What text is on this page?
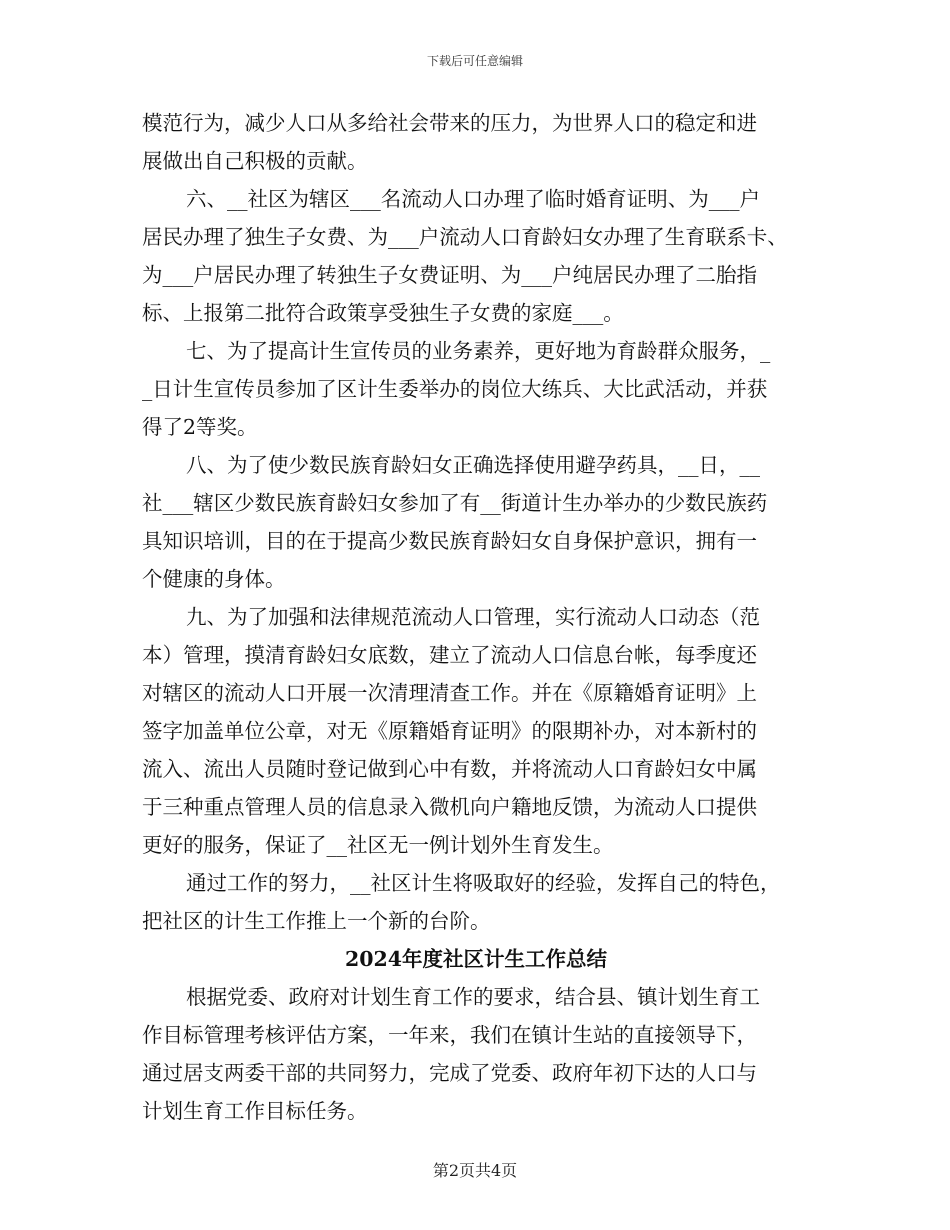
下载后可任意编辑
模范行为，减少人口从多给社会带来的压力，为世界人口的稳定和进
展做出自己积极的贡献。
六、__社区为辖区___名流动人口办理了临时婚育证明、为___户
居民办理了独生子女费、为___户流动人口育龄妇女办理了生育联系卡、
为___户居民办理了转独生子女费证明、为___户纯居民办理了二胎指
标、上报第二批符合政策享受独生子女费的家庭___。
七、为了提高计生宣传员的业务素养，更好地为育龄群众服务，_
_日计生宣传员参加了区计生委举办的岗位大练兵、大比武活动，并获
得了2等奖。
八、为了使少数民族育龄妇女正确选择使用避孕药具，__日，__
社___辖区少数民族育龄妇女参加了有__街道计生办举办的少数民族药
具知识培训，目的在于提高少数民族育龄妇女自身保护意识，拥有一
个健康的身体。
九、为了加强和法律规范流动人口管理，实行流动人口动态（范
本）管理，摸清育龄妇女底数，建立了流动人口信息台帐，每季度还
对辖区的流动人口开展一次清理清查工作。并在《原籍婚育证明》上
签字加盖单位公章，对无《原籍婚育证明》的限期补办，对本新村的
流入、流出人员随时登记做到心中有数，并将流动人口育龄妇女中属
于三种重点管理人员的信息录入微机向户籍地反馈，为流动人口提供
更好的服务，保证了__社区无一例计划外生育发生。
通过工作的努力，__社区计生将吸取好的经验，发挥自己的特色，
把社区的计生工作推上一个新的台阶。
2024年度社区计生工作总结
根据党委、政府对计划生育工作的要求，结合县、镇计划生育工
作目标管理考核评估方案，一年来，我们在镇计生站的直接领导下，
通过居支两委干部的共同努力，完成了党委、政府年初下达的人口与
计划生育工作目标任务。
第2页共4页
